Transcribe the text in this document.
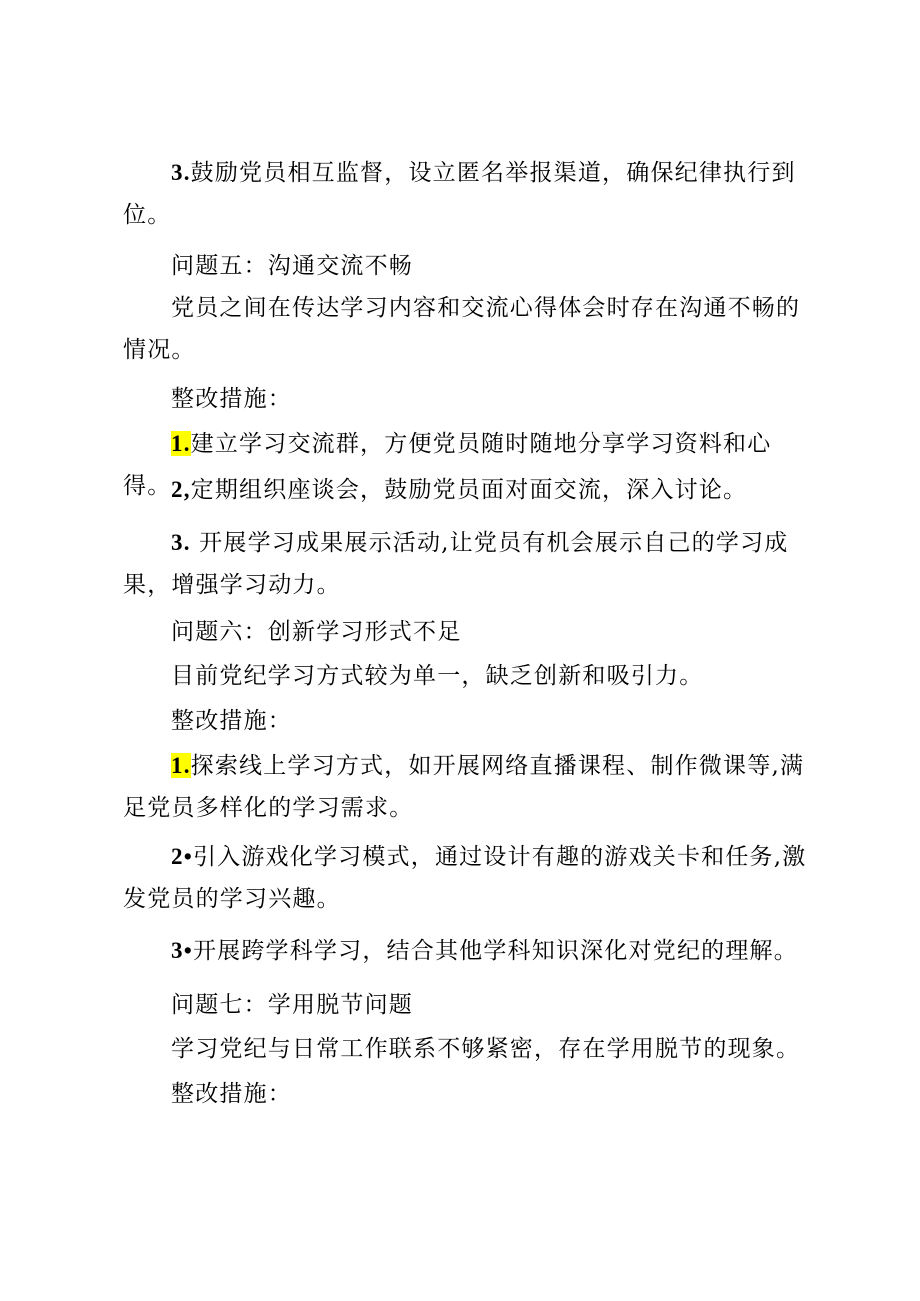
3.鼓励党员相互监督，设立匿名举报渠道，确保纪律执行到位。

问题五：沟通交流不畅

党员之间在传达学习内容和交流心得体会时存在沟通不畅的情况。

整改措施：

1.建立学习交流群，方便党员随时随地分享学习资料和心得。 2,定期组织座谈会，鼓励党员面对面交流，深入讨论。

3. 开展学习成果展示活动,让党员有机会展示自己的学习成果，增强学习动力。

问题六：创新学习形式不足

目前党纪学习方式较为单一，缺乏创新和吸引力。

整改措施：

1.探索线上学习方式，如开展网络直播课程、制作微课等,满足党员多样化的学习需求。

2•引入游戏化学习模式，通过设计有趣的游戏关卡和任务,激发党员的学习兴趣。

3•开展跨学科学习，结合其他学科知识深化对党纪的理解。

问题七：学用脱节问题

学习党纪与日常工作联系不够紧密，存在学用脱节的现象。

整改措施：
